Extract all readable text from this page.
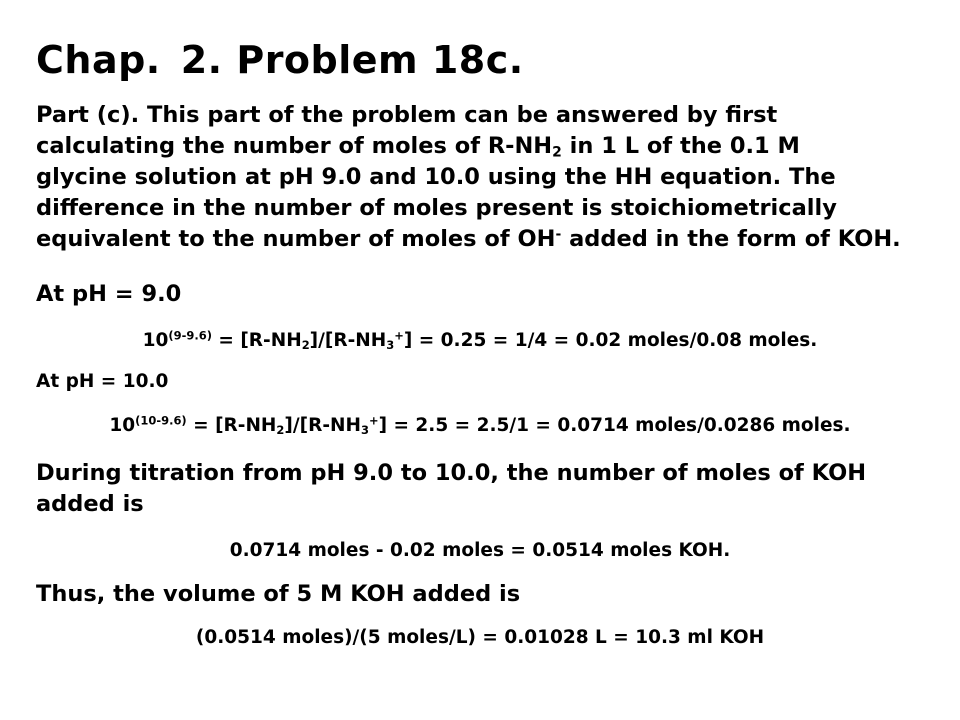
Chap. 2. Problem 18c.
Part (c). This part of the problem can be answered by first
calculating the number of moles of $R-NH_2$ in 1 L of the 0.1 M
glycine solution at pH 9.0 and 10.0 using the HH equation. The
difference in the number of moles present is stoichiometrically
equivalent to the number of moles of OH- added in the form of KOH.
At pH = 9.0
$10^{(9-9.6)} = [R-NH_2]/[R-NH_3^+] = 0.25 = 1/4 = 0.02$ moles/0.08 moles.
At pH = 10.0
$10^{(10-9.6)} = [R-NH_2]/[R-NH_3^+] = 2.5 = 2.5/1 = 0.0714$ moles/0.0286 moles.
During titration from pH 9.0 to 10.0, the number of moles of KOH
added is
0.0714 moles - 0.02 moles = 0.0514 moles KOH.
Thus, the volume of 5 M KOH added is
(0.0514 moles)/(5 moles/L) = 0.01028 L = 10.3 ml KOH
